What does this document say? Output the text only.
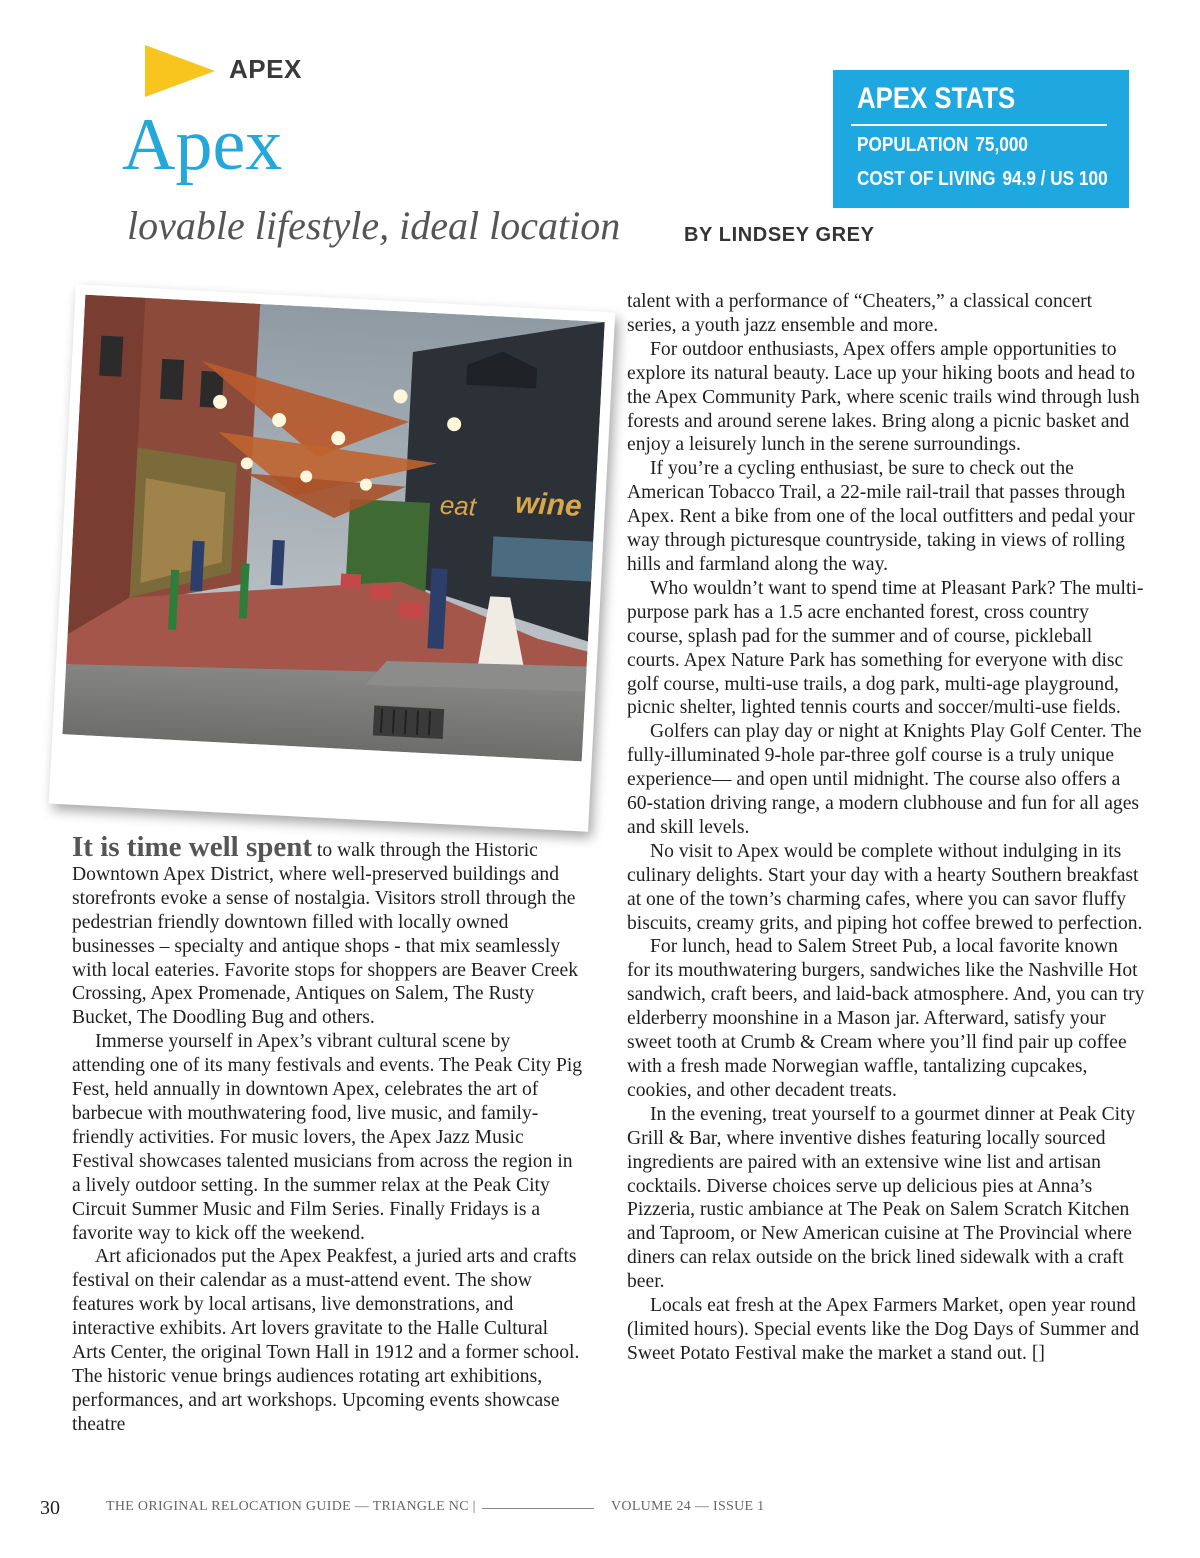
APEX
Apex
lovable lifestyle, ideal location	BY LINDSEY GREY
APEX STATS
POPULATION 75,000
COST OF LIVING 94.9 / US 100
eat wine

It is time well spent to walk through the Historic Downtown Apex District, where well-preserved buildings and storefronts evoke a sense of nostalgia. Visitors stroll through the pedestrian friendly downtown filled with locally owned businesses – specialty and antique shops - that mix seamlessly with local eateries. Favorite stops for shoppers are Beaver Creek Crossing, Apex Promenade, Antiques on Salem, The Rusty Bucket, The Doodling Bug and others.

Immerse yourself in Apex’s vibrant cultural scene by attending one of its many festivals and events. The Peak City Pig Fest, held annually in downtown Apex, celebrates the art of barbecue with mouthwatering food, live music, and family-friendly activities. For music lovers, the Apex Jazz Music Festival showcases talented musicians from across the region in a lively outdoor setting. In the summer relax at the Peak City Circuit Summer Music and Film Series. Finally Fridays is a favorite way to kick off the weekend.

Art aficionados put the Apex Peakfest, a juried arts and crafts festival on their calendar as a must-attend event. The show features work by local artisans, live demonstrations, and interactive exhibits. Art lovers gravitate to the Halle Cultural Arts Center, the original Town Hall in 1912 and a former school. The historic venue brings audiences rotating art exhibitions, performances, and art workshops. Upcoming events showcase theatre

talent with a performance of “Cheaters,” a classical concert series, a youth jazz ensemble and more.

For outdoor enthusiasts, Apex offers ample opportunities to explore its natural beauty. Lace up your hiking boots and head to the Apex Community Park, where scenic trails wind through lush forests and around serene lakes. Bring along a picnic basket and enjoy a leisurely lunch in the serene surroundings.

If you’re a cycling enthusiast, be sure to check out the American Tobacco Trail, a 22-mile rail-trail that passes through Apex. Rent a bike from one of the local outfitters and pedal your way through picturesque countryside, taking in views of rolling hills and farmland along the way.

Who wouldn’t want to spend time at Pleasant Park? The multi-purpose park has a 1.5 acre enchanted forest, cross country course, splash pad for the summer and of course, pickleball courts. Apex Nature Park has something for everyone with disc golf course, multi-use trails, a dog park, multi-age playground, picnic shelter, lighted tennis courts and soccer/multi-use fields.

Golfers can play day or night at Knights Play Golf Center. The fully-illuminated 9-hole par-three golf course is a truly unique experience— and open until midnight. The course also offers a 60-station driving range, a modern clubhouse and fun for all ages and skill levels.

No visit to Apex would be complete without indulging in its culinary delights. Start your day with a hearty Southern breakfast at one of the town’s charming cafes, where you can savor fluffy biscuits, creamy grits, and piping hot coffee brewed to perfection.

For lunch, head to Salem Street Pub, a local favorite known for its mouthwatering burgers, sandwiches like the Nashville Hot sandwich, craft beers, and laid-back atmosphere. And, you can try elderberry moonshine in a Mason jar. Afterward, satisfy your sweet tooth at Crumb & Cream where you’ll find pair up coffee with a fresh made Norwegian waffle, tantalizing cupcakes, cookies, and other decadent treats.

In the evening, treat yourself to a gourmet dinner at Peak City Grill & Bar, where inventive dishes featuring locally sourced ingredients are paired with an extensive wine list and artisan cocktails. Diverse choices serve up delicious pies at Anna’s Pizzeria, rustic ambiance at The Peak on Salem Scratch Kitchen and Taproom, or New American cuisine at The Provincial where diners can relax outside on the brick lined sidewalk with a craft beer.

Locals eat fresh at the Apex Farmers Market, open year round (limited hours). Special events like the Dog Days of Summer and Sweet Potato Festival make the market a stand out. []

30	THE ORIGINAL RELOCATION GUIDE — TRIANGLE NC |	VOLUME 24 — ISSUE 1
